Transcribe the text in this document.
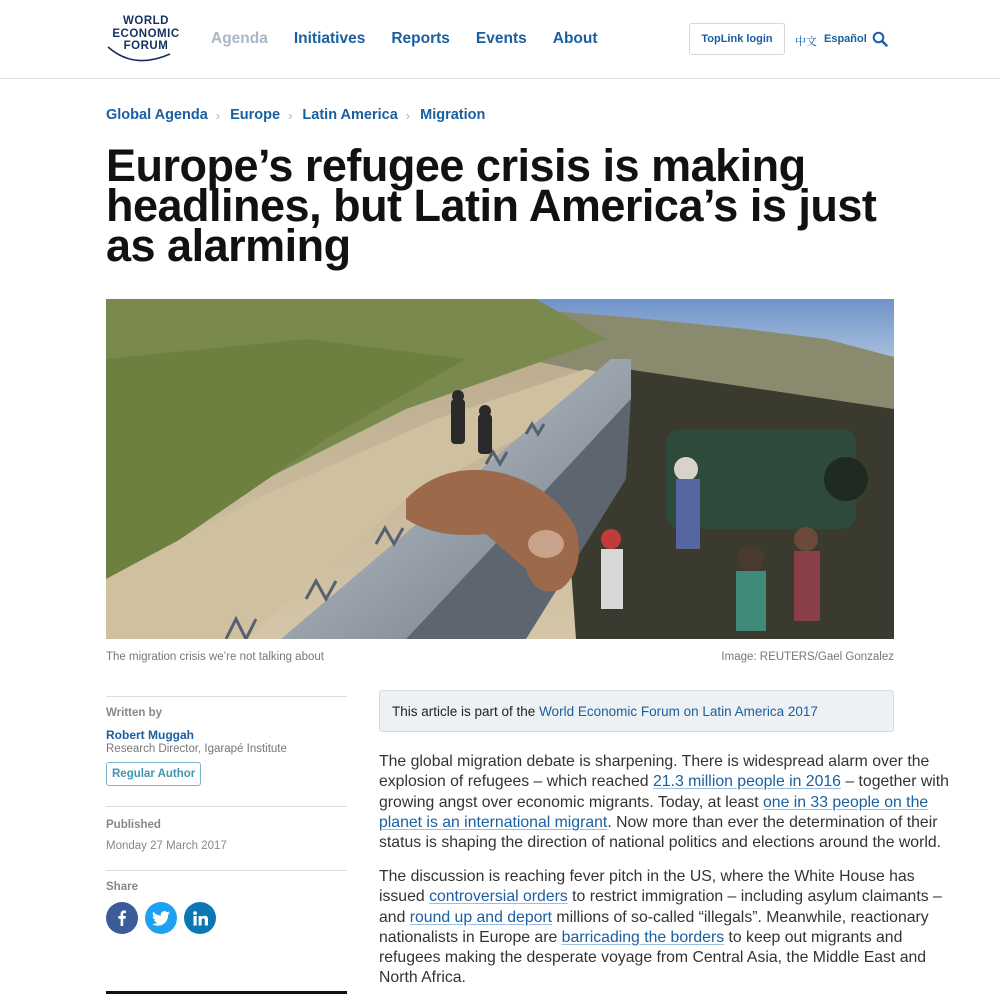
WORLD
ECONOMIC
FORUM	Agenda Initiatives Reports Events About	TopLink login	中文 Español
Global Agenda › Europe › Latin America › Migration
Europe’s refugee crisis is making headlines, but Latin America’s is just as alarming
The migration crisis we’re not talking about	Image: REUTERS/Gael Gonzalez
Written by
Robert Muggah
Research Director, Igarapé Institute
Regular Author
Published
Monday 27 March 2017
Share
This article is part of the World Economic Forum on Latin America 2017
The global migration debate is sharpening. There is widespread alarm over the
explosion of refugees – which reached 21.3 million people in 2016 – together with
growing angst over economic migrants. Today, at least one in 33 people on the
planet is an international migrant. Now more than ever the determination of their
status is shaping the direction of national politics and elections around the world.
The discussion is reaching fever pitch in the US, where the White House has
issued controversial orders to restrict immigration – including asylum claimants –
and round up and deport millions of so-called “illegals”. Meanwhile, reactionary
nationalists in Europe are barricading the borders to keep out migrants and
refugees making the desperate voyage from Central Asia, the Middle East and
North Africa.
